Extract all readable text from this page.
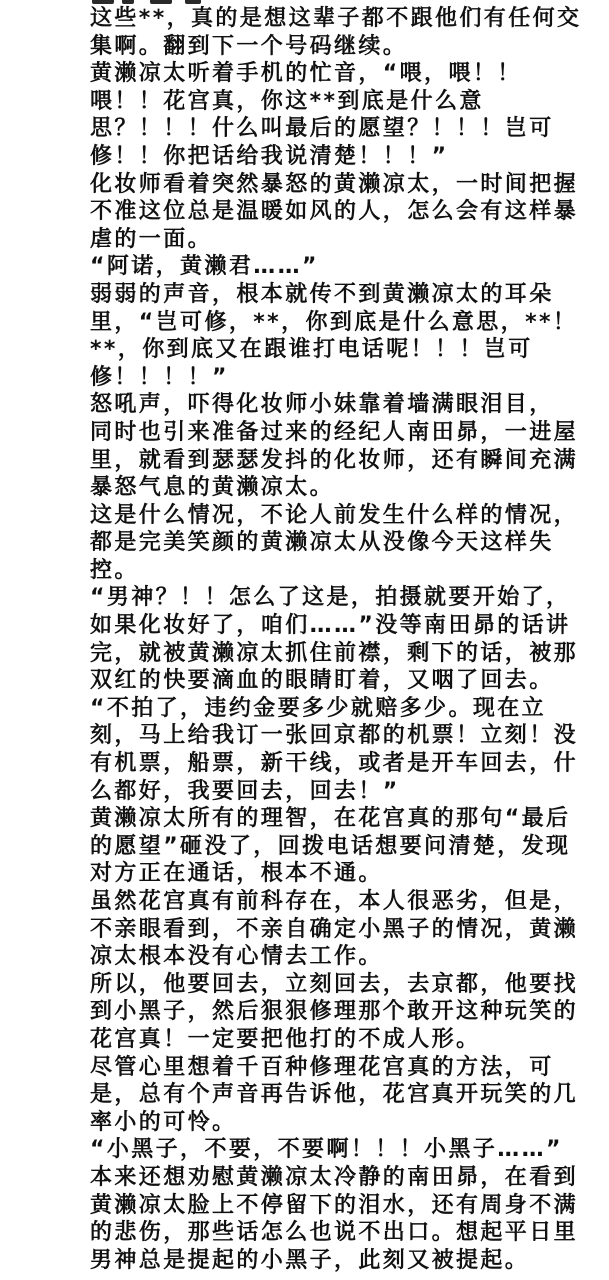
这些**，真的是想这辈子都不跟他们有任何交
集啊。翻到下一个号码继续。
黄濑凉太听着手机的忙音，“喂，喂！！
喂！！花宫真，你这**到底是什么意
思？！！！什么叫最后的愿望？！！！岂可
修！！你把话给我说清楚！！！”
化妆师看着突然暴怒的黄濑凉太，一时间把握
不准这位总是温暖如风的人，怎么会有这样暴
虐的一面。
“阿诺，黄濑君……”
弱弱的声音，根本就传不到黄濑凉太的耳朵
里，“岂可修，**，你到底是什么意思，**！
**，你到底又在跟谁打电话呢！！！岂可
修！！！！”
怒吼声，吓得化妆师小妹靠着墙满眼泪目，
同时也引来准备过来的经纪人南田昴，一进屋
里，就看到瑟瑟发抖的化妆师，还有瞬间充满
暴怒气息的黄濑凉太。
这是什么情况，不论人前发生什么样的情况，
都是完美笑颜的黄濑凉太从没像今天这样失
控。
“男神？！！怎么了这是，拍摄就要开始了，
如果化妆好了，咱们……”没等南田昴的话讲
完，就被黄濑凉太抓住前襟，剩下的话，被那
双红的快要滴血的眼睛盯着，又咽了回去。
“不拍了，违约金要多少就赔多少。现在立
刻，马上给我订一张回京都的机票！立刻！没
有机票，船票，新干线，或者是开车回去，什
么都好，我要回去，回去！”
黄濑凉太所有的理智，在花宫真的那句“最后
的愿望”砸没了，回拨电话想要问清楚，发现
对方正在通话，根本不通。
虽然花宫真有前科存在，本人很恶劣，但是，
不亲眼看到，不亲自确定小黑子的情况，黄濑
凉太根本没有心情去工作。
所以，他要回去，立刻回去，去京都，他要找
到小黑子，然后狠狠修理那个敢开这种玩笑的
花宫真！一定要把他打的不成人形。
尽管心里想着千百种修理花宫真的方法，可
是，总有个声音再告诉他，花宫真开玩笑的几
率小的可怜。
“小黑子，不要，不要啊！！！小黑子……”
本来还想劝慰黄濑凉太冷静的南田昴，在看到
黄濑凉太脸上不停留下的泪水，还有周身不满
的悲伤，那些话怎么也说不出口。想起平日里
男神总是提起的小黑子，此刻又被提起。
